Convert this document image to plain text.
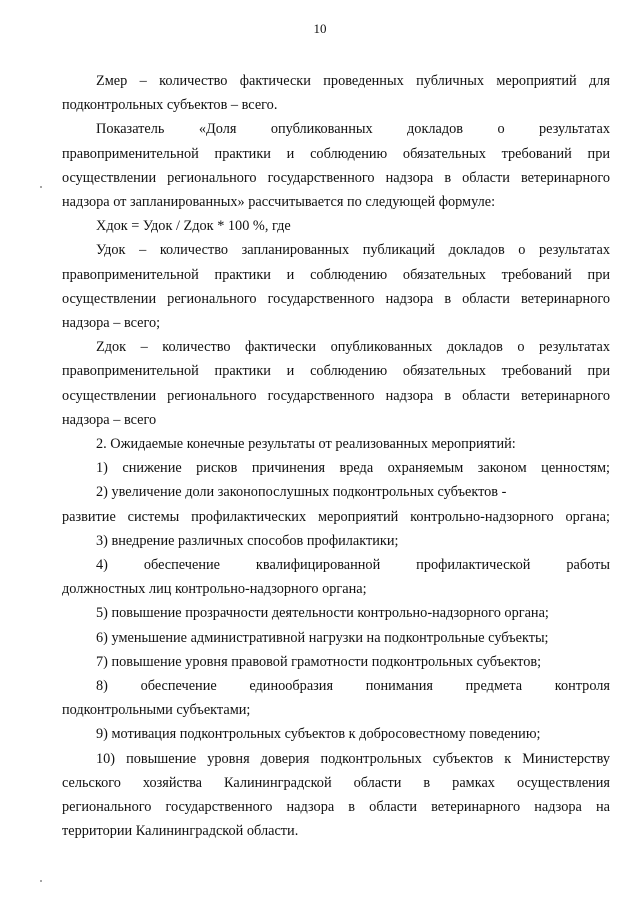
10
Zмер – количество фактически проведенных публичных мероприятий для
подконтрольных субъектов – всего.
Показатель «Доля опубликованных докладов о результатах
правоприменительной практики и соблюдению обязательных требований при
осуществлении регионального государственного надзора в области ветеринарного
надзора от запланированных» рассчитывается по следующей формуле:
Хдок = Удок / Zдок * 100 %, где
Удок – количество запланированных публикаций докладов о результатах
правоприменительной практики и соблюдению обязательных требований при
осуществлении регионального государственного надзора в области ветеринарного
надзора – всего;
Zдок – количество фактически опубликованных докладов о результатах
правоприменительной практики и соблюдению обязательных требований при
осуществлении регионального государственного надзора в области ветеринарного
надзора – всего
2. Ожидаемые конечные результаты от реализованных мероприятий:
1) снижение рисков причинения вреда охраняемым законом ценностям;
2) увеличение доли законопослушных подконтрольных субъектов -
развитие системы профилактических мероприятий контрольно-надзорного органа;
3) внедрение различных способов профилактики;
4) обеспечение квалифицированной профилактической работы
должностных лиц контрольно-надзорного органа;
5) повышение прозрачности деятельности контрольно-надзорного органа;
6) уменьшение административной нагрузки на подконтрольные субъекты;
7) повышение уровня правовой грамотности подконтрольных субъектов;
8) обеспечение единообразия понимания предмета контроля
подконтрольными субъектами;
9) мотивация подконтрольных субъектов к добросовестному поведению;
10) повышение уровня доверия подконтрольных субъектов к Министерству
сельского хозяйства Калининградской области в рамках осуществления
регионального государственного надзора в области ветеринарного надзора на
территории Калининградской области.
